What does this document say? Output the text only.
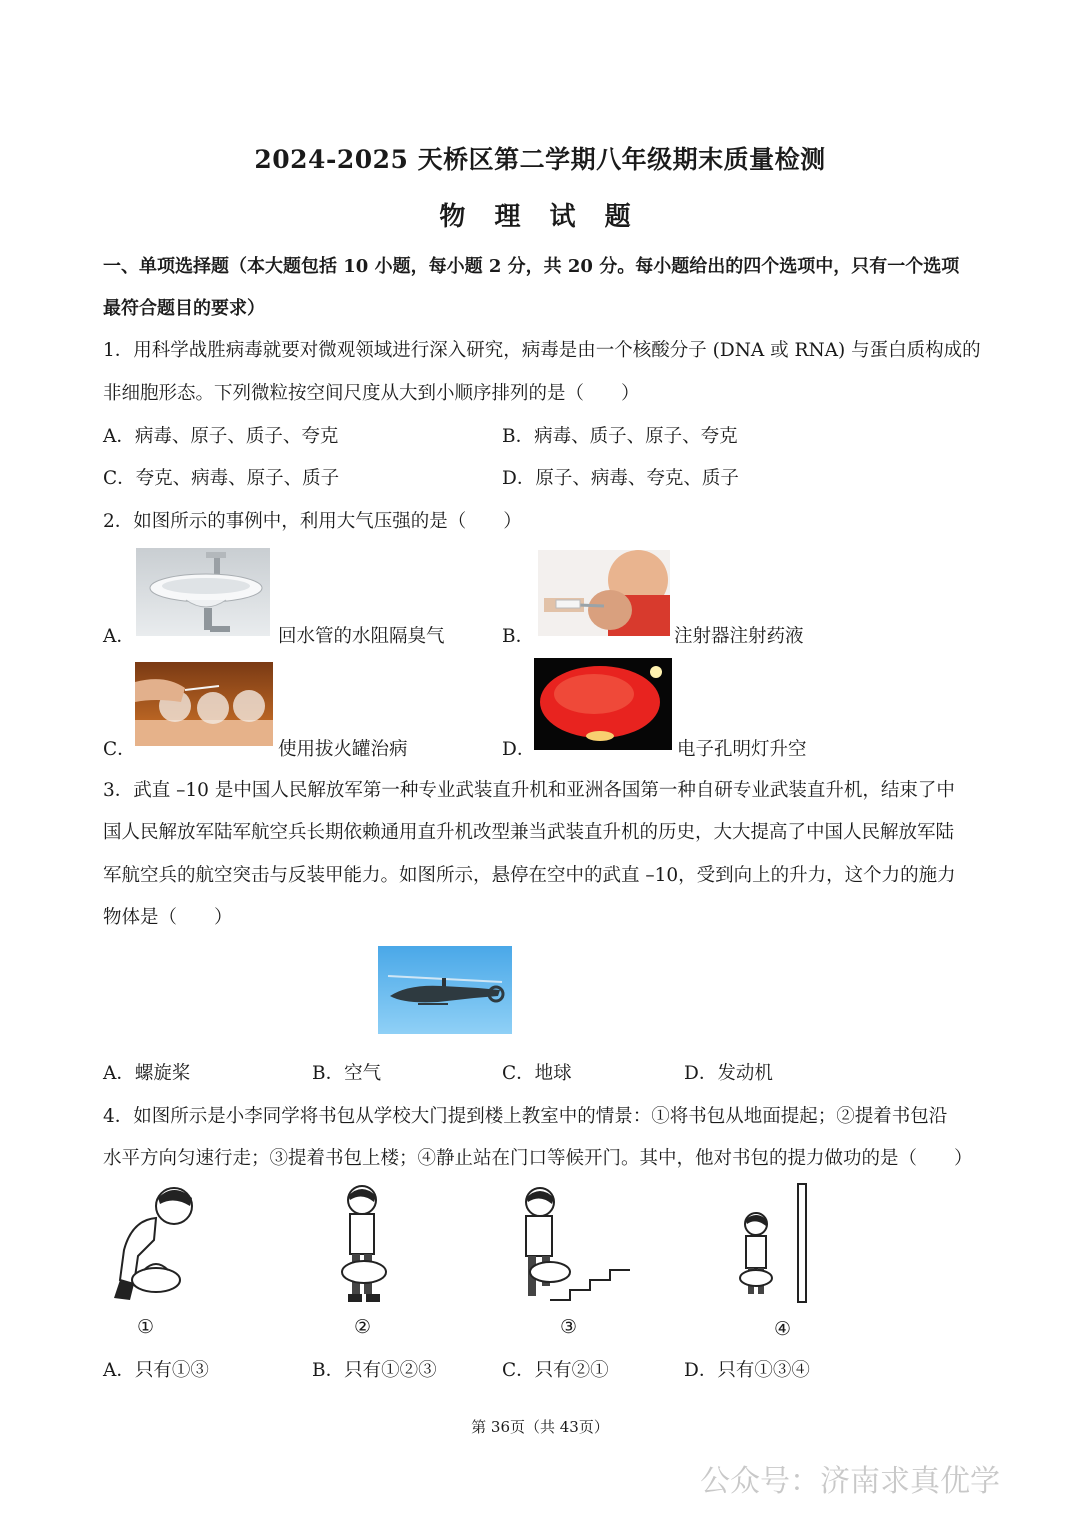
2024-2025 天桥区第二学期八年级期末质量检测
物 理 试 题
一、单项选择题（本大题包括 10 小题，每小题 2 分，共 20 分。每小题给出的四个选项中，只有一个选项
最符合题目的要求）
1．用科学战胜病毒就要对微观领域进行深入研究，病毒是由一个核酸分子 (DNA 或 RNA) 与蛋白质构成的
非细胞形态。下列微粒按空间尺度从大到小顺序排列的是（　　）
A．病毒、原子、质子、夸克	B．病毒、质子、原子、夸克
C．夸克、病毒、原子、质子	D．原子、病毒、夸克、质子
2．如图所示的事例中，利用大气压强的是（　　）
A．	回水管的水阻隔臭气	B．	注射器注射药液
C．	使用拔火罐治病	D．	电子孔明灯升空
3．武直 –10 是中国人民解放军第一种专业武装直升机和亚洲各国第一种自研专业武装直升机，结束了中
国人民解放军陆军航空兵长期依赖通用直升机改型兼当武装直升机的历史，大大提高了中国人民解放军陆
军航空兵的航空突击与反装甲能力。如图所示，悬停在空中的武直 –10，受到向上的升力，这个力的施力
物体是（　　）
A．螺旋桨	B．空气	C．地球	D．发动机
4．如图所示是小李同学将书包从学校大门提到楼上教室中的情景：①将书包从地面提起；②提着书包沿
水平方向匀速行走；③提着书包上楼；④静止站在门口等候开门。其中，他对书包的提力做功的是（　　）
①	②	③	④
A．只有①③	B．只有①②③	C．只有②①	D．只有①③④
第 36页（共 43页）
公众号：济南求真优学
